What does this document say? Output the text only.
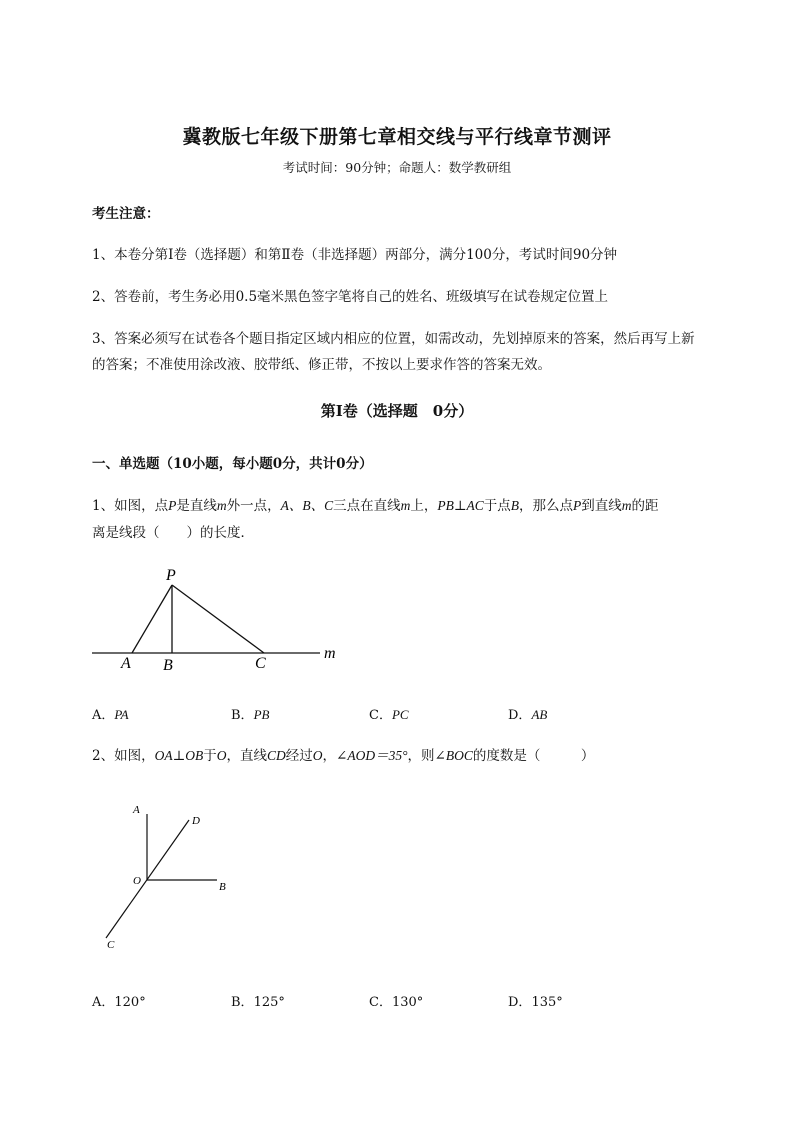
冀教版七年级下册第七章相交线与平行线章节测评
考试时间：90分钟；命题人：数学教研组
考生注意：
1、本卷分第I卷（选择题）和第Ⅱ卷（非选择题）两部分，满分100分，考试时间90分钟
2、答卷前，考生务必用0.5毫米黑色签字笔将自己的姓名、班级填写在试卷规定位置上
3、答案必须写在试卷各个题目指定区域内相应的位置，如需改动，先划掉原来的答案，然后再写上新
的答案；不准使用涂改液、胶带纸、修正带，不按以上要求作答的答案无效。
第I卷（选择题　0分）
一、单选题（10小题，每小题0分，共计0分）
1、如图，点P是直线m外一点，A、B、C三点在直线m上，PB⊥AC于点B，那么点P到直线m的距
离是线段（　　）的长度．
P
A B	C
m
A．PA	B．PB	C．PC	D．AB
2、如图，OA⊥OB于O，直线CD经过O，∠AOD＝35°，则∠BOC的度数是（　　　）
A
D
O	B
C
A．120°	B．125°	C．130°	D．135°
